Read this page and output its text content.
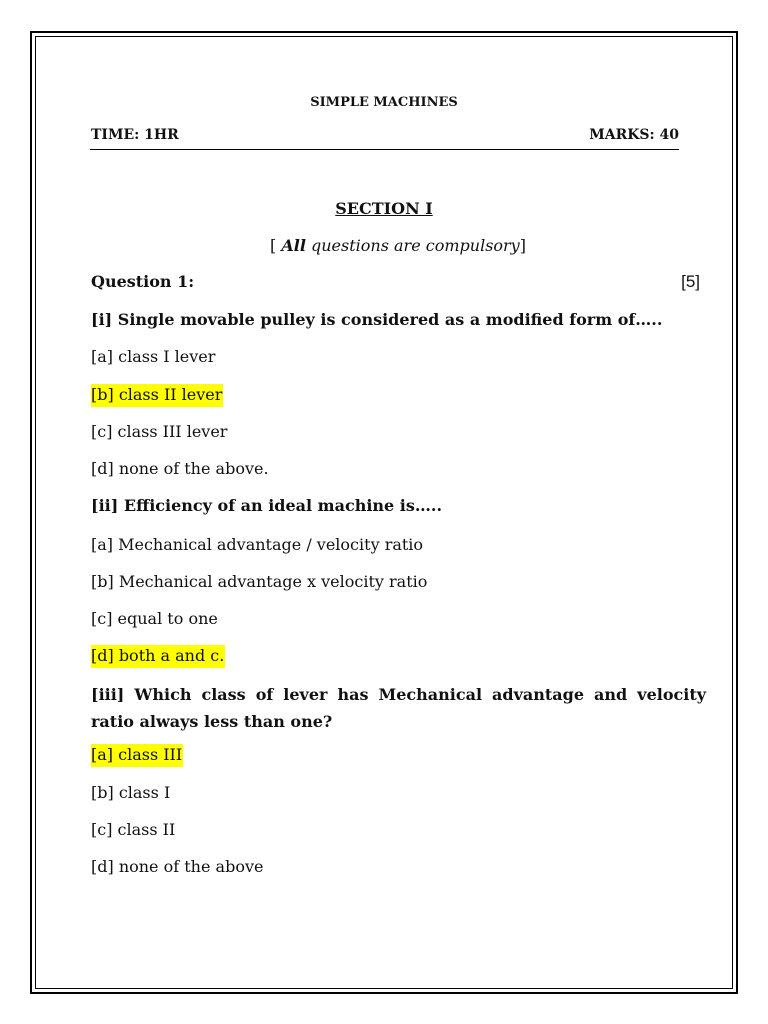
SIMPLE MACHINES
TIME: 1HR	MARKS: 40
SECTION I
[ All questions are compulsory]
Question 1:	[5]
[i] Single movable pulley is considered as a modified form of…..
[a] class I lever
[b] class II lever
[c] class III lever
[d] none of the above.
[ii] Efficiency of an ideal machine is…..
[a] Mechanical advantage / velocity ratio
[b] Mechanical advantage x velocity ratio
[c] equal to one
[d] both a and c.
[iii] Which class of lever has Mechanical advantage and velocity ratio always less than one?
[a] class III
[b] class I
[c] class II
[d] none of the above
